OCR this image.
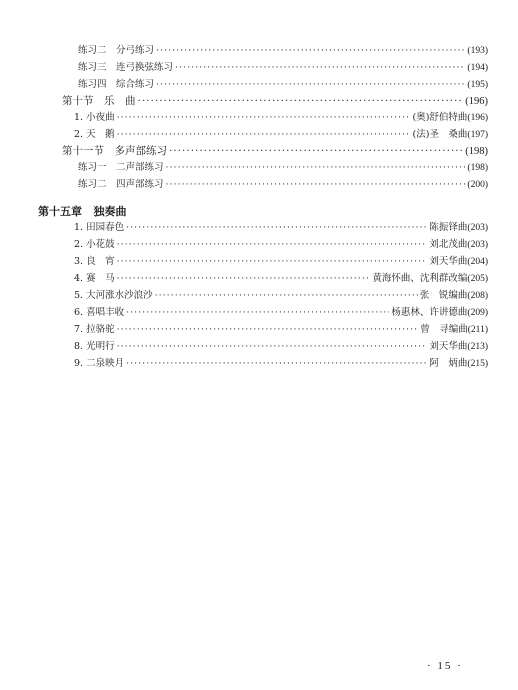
练习二　分弓练习 ·····	(193)
练习三　连弓换弦练习 ·····	(194)
练习四　综合练习 ·····	(195)
第十节　乐　曲 ·····	(196)
1. 小夜曲 ·····	(奥)舒伯特曲 (196)
2. 天　鹅 ·····	(法)圣　桑曲 (197)
第十一节　多声部练习 ·····	(198)
练习一　二声部练习 ·····	(198)
练习二　四声部练习 ·····	(200)
第十五章 独奏曲
1. 田园春色 ·····	陈振铎曲 (203)
2. 小花鼓 ·····	刘北茂曲 (203)
3. 良　宵 ·····	刘天华曲 (204)
4. 赛　马 ·····	黄海怀曲、沈利群改编 (205)
5. 大河涨水沙浪沙 ·····	张　锐编曲 (208)
6. 喜唱丰收 ·····	杨惠林、许讲德曲 (209)
7. 拉骆驼 ·····	曾　寻编曲 (211)
8. 光明行 ·····	刘天华曲 (213)
9. 二泉映月 ·····	阿　炳曲 (215)
· 15 ·
